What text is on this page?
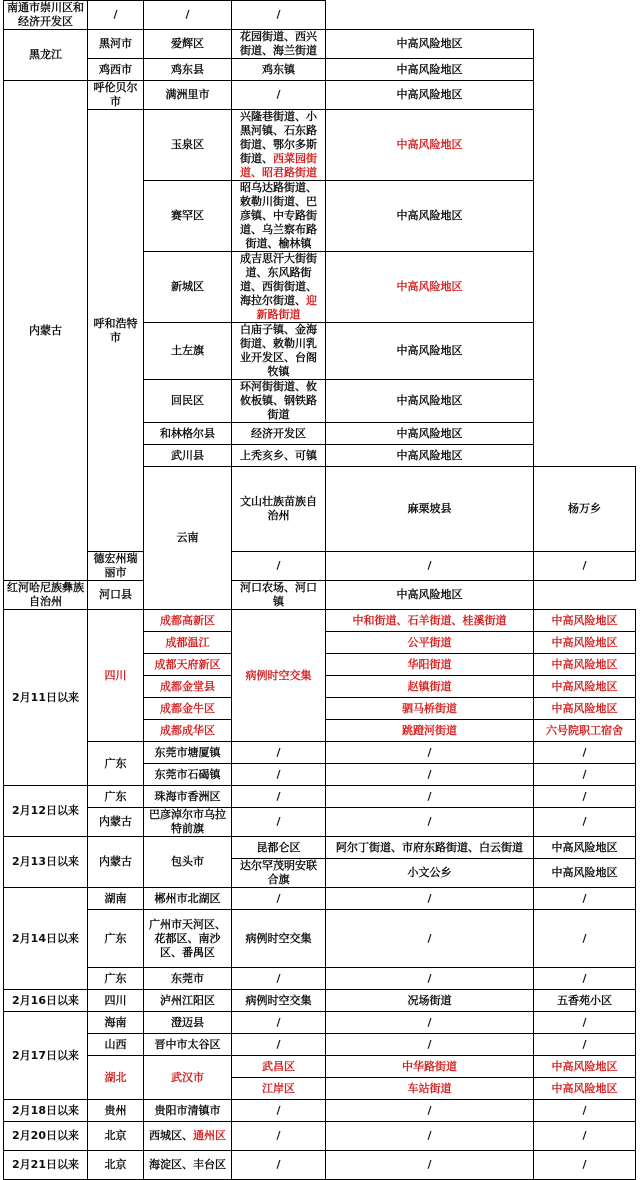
南通市崇川区和经济开发区	/	/	/			
黑龙江	黑河市	爱辉区	花园街道、西兴街道、海兰街道	中高风险地区		
	鸡西市	鸡东县	鸡东镇	中高风险地区		
内蒙古	呼伦贝尔市	满洲里市	/	中高风险地区		
	呼和浩特市	玉泉区	兴隆巷街道、小黑河镇、石东路街道、鄂尔多斯街道、西菜园街道、昭君路街道	中高风险地区		
		赛罕区	昭乌达路街道、敕勒川街道、巴彦镇、中专路街道、乌兰察布路街道、榆林镇	中高风险地区		
		新城区	成吉思汗大街街道、东风路街道、西街街道、海拉尔街道、迎新路街道	中高风险地区		
		土左旗	白庙子镇、金海街道、敕勒川乳业开发区、台阁牧镇	中高风险地区		
		回民区	环河街街道、攸攸板镇、钢铁路街道	中高风险地区		
		和林格尔县	经济开发区	中高风险地区		
		武川县	上秃亥乡、可镇	中高风险地区		
		云南	文山壮族苗族自治州	麻栗坡县	杨万乡	
	德宏州瑞丽市		/	/	/	
红河哈尼族彝族自治州	河口县		河口农场、河口镇	中高风险地区		
2月11日以来	四川	成都高新区	病例时空交集	中和街道、石羊街道、桂溪街道	中高风险地区	
		成都温江		公平街道	中高风险地区	
		成都天府新区		华阳街道	中高风险地区	
		成都金堂县		赵镇街道	中高风险地区	
		成都金牛区		驷马桥街道	中高风险地区	
		成都成华区		跳蹬河街道	六号院职工宿舍	
	广东	东莞市塘厦镇	/	/	/	
		东莞市石碣镇	/	/	/	
2月12日以来	广东	珠海市香洲区	/	/	/	
	内蒙古	巴彦淖尔市乌拉特前旗	/	/	/	
2月13日以来	内蒙古	包头市	昆都仑区	阿尔丁街道、市府东路街道、白云街道	中高风险地区	
			达尔罕茂明安联合旗	小文公乡	中高风险地区	
2月14日以来	湖南	郴州市北湖区	/	/	/	
	广东	广州市天河区、花都区、南沙区、番禺区	病例时空交集	/	/	
	广东	东莞市	/	/	/	
2月16日以来	四川	泸州江阳区	病例时空交集	况场街道	五香苑小区	
2月17日以来	海南	澄迈县	/	/	/	
	山西	晋中市太谷区	/	/	/	
	湖北	武汉市	武昌区	中华路街道	中高风险地区	
			江岸区	车站街道	中高风险地区	
2月18日以来	贵州	贵阳市清镇市	/	/	/	
2月20日以来	北京	西城区、通州区	/	/	/	
2月21日以来	北京	海淀区、丰台区	/	/	/	
